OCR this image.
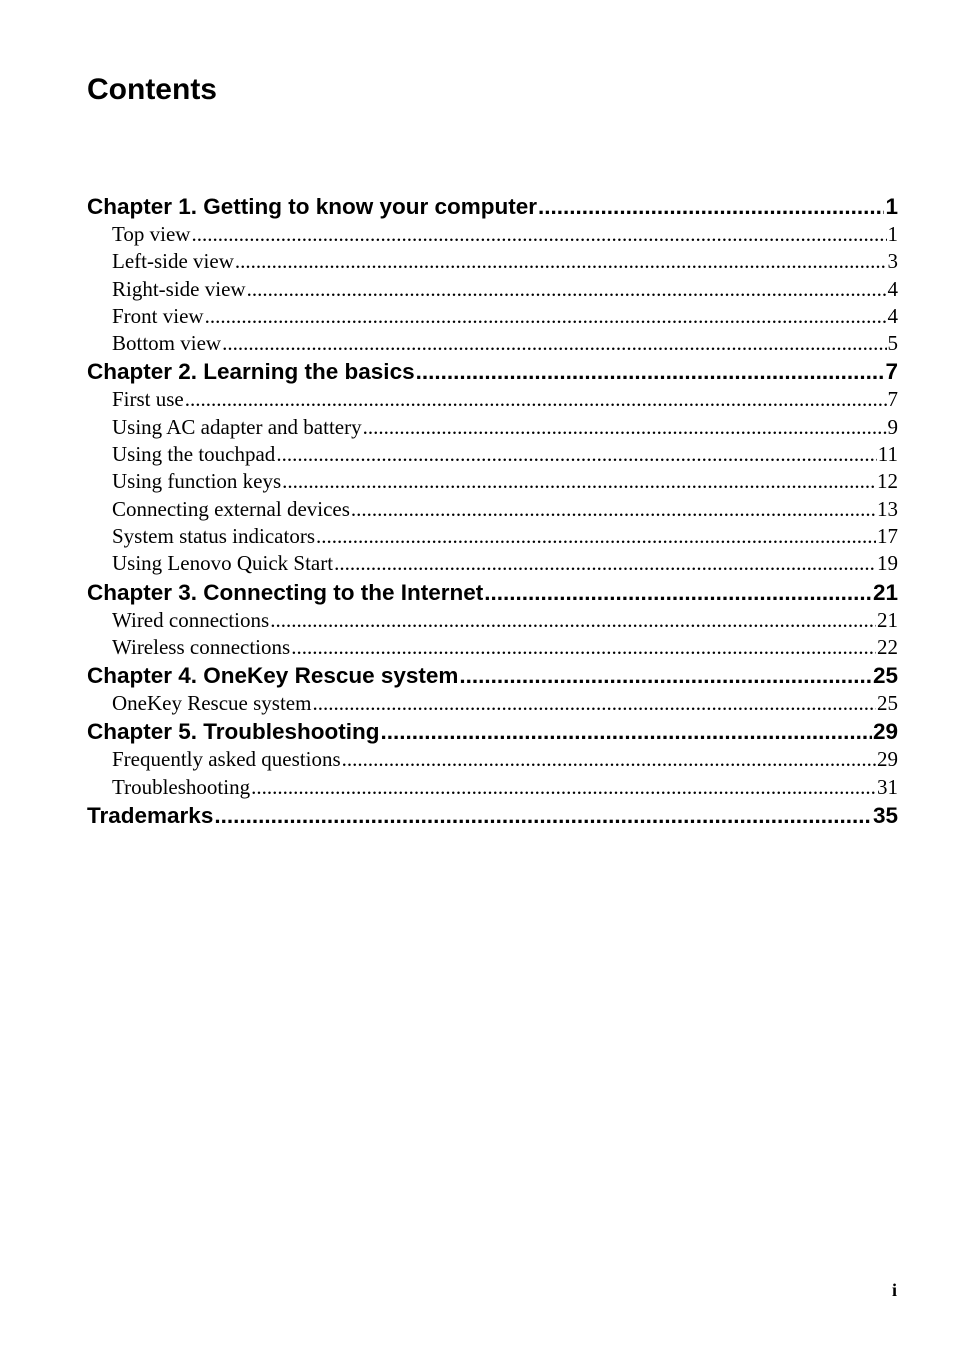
Contents
Chapter 1. Getting to know your computer .....	1
Top view .....	1
Left-side view .....	3
Right-side view .....	4
Front view .....	4
Bottom view .....	5
Chapter 2. Learning the basics .....	7
First use .....	7
Using AC adapter and battery .....	9
Using the touchpad .....	11
Using function keys .....	12
Connecting external devices .....	13
System status indicators .....	17
Using Lenovo Quick Start .....	19
Chapter 3. Connecting to the Internet .....	21
Wired connections .....	21
Wireless connections .....	22
Chapter 4. OneKey Rescue system .....	25
OneKey Rescue system .....	25
Chapter 5. Troubleshooting .....	29
Frequently asked questions .....	29
Troubleshooting .....	31
Trademarks .....	35
i
